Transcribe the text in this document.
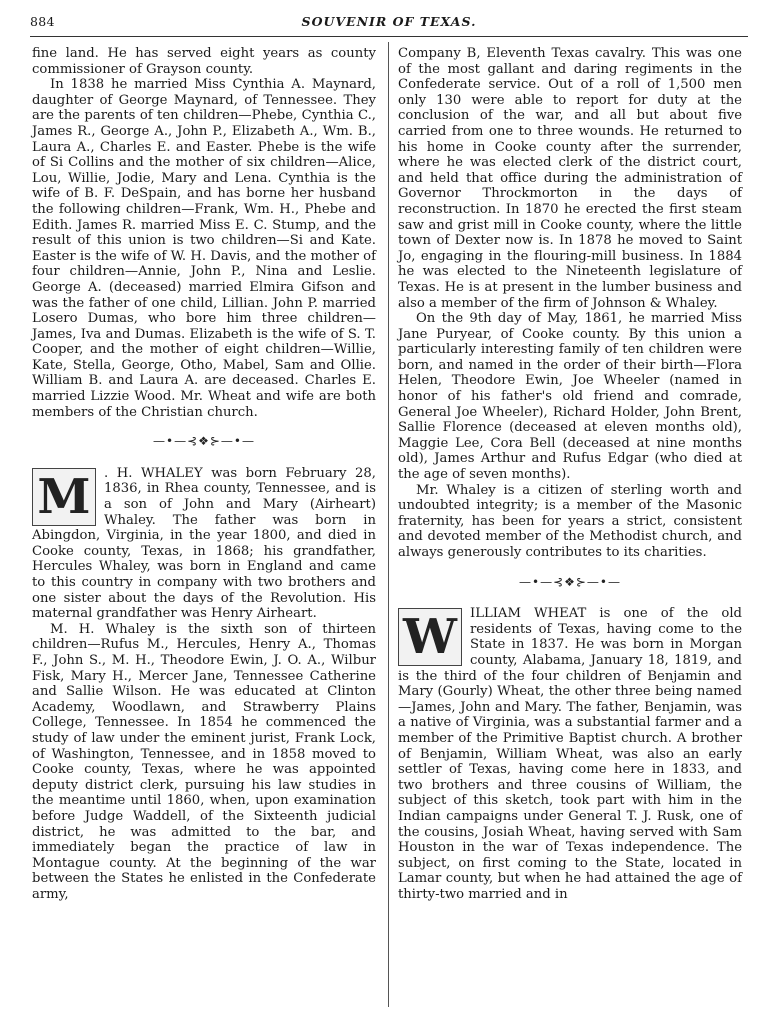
884	SOUVENIR OF TEXAS.

fine land. He has served eight years as county commissioner of Grayson county.

In 1838 he married Miss Cynthia A. Maynard, daughter of George Maynard, of Tennessee. They are the parents of ten children—Phebe, Cynthia C., James R., George A., John P., Elizabeth A., Wm. B., Laura A., Charles E. and Easter. Phebe is the wife of Si Collins and the mother of six children—Alice, Lou, Willie, Jodie, Mary and Lena. Cynthia is the wife of B. F. DeSpain, and has borne her husband the following children—Frank, Wm. H., Phebe and Edith. James R. married Miss E. C. Stump, and the result of this union is two children—Si and Kate. Easter is the wife of W. H. Davis, and the mother of four children—Annie, John P., Nina and Leslie. George A. (deceased) married Elmira Gifson and was the father of one child, Lillian. John P. married Losero Dumas, who bore him three children—James, Iva and Dumas. Elizabeth is the wife of S. T. Cooper, and the mother of eight children—Willie, Kate, Stella, George, Otho, Mabel, Sam and Ollie. William B. and Laura A. are deceased. Charles E. married Lizzie Wood. Mr. Wheat and wife are both members of the Christian church.

—•—⊰❖⊱—•—

M	. H. WHALEY was born February 28, 1836, in Rhea county, Tennessee, and is a son of John and Mary (Airheart) Whaley. The father was born in Abingdon, Virginia, in the year 1800, and died in Cooke county, Texas, in 1868; his grandfather, Hercules Whaley, was born in England and came to this country in company with two brothers and one sister about the days of the Revolution. His maternal grandfather was Henry Airheart.

M. H. Whaley is the sixth son of thirteen children—Rufus M., Hercules, Henry A., Thomas F., John S., M. H., Theodore Ewin, J. O. A., Wilbur Fisk, Mary H., Mercer Jane, Tennessee Catherine and Sallie Wilson. He was educated at Clinton Academy, Woodlawn, and Strawberry Plains College, Tennessee. In 1854 he commenced the study of law under the eminent jurist, Frank Lock, of Washington, Tennessee, and in 1858 moved to Cooke county, Texas, where he was appointed deputy district clerk, pursuing his law studies in the meantime until 1860, when, upon examination before Judge Waddell, of the Sixteenth judicial district, he was admitted to the bar, and immediately began the practice of law in Montague county. At the beginning of the war between the States he enlisted in the Confederate army,

Company B, Eleventh Texas cavalry. This was one of the most gallant and daring regiments in the Confederate service. Out of a roll of 1,500 men only 130 were able to report for duty at the conclusion of the war, and all but about five carried from one to three wounds. He returned to his home in Cooke county after the surrender, where he was elected clerk of the district court, and held that office during the administration of Governor Throckmorton in the days of reconstruction. In 1870 he erected the first steam saw and grist mill in Cooke county, where the little town of Dexter now is. In 1878 he moved to Saint Jo, engaging in the flouring-mill business. In 1884 he was elected to the Nineteenth legislature of Texas. He is at present in the lumber business and also a member of the firm of Johnson & Whaley.

On the 9th day of May, 1861, he married Miss Jane Puryear, of Cooke county. By this union a particularly interesting family of ten children were born, and named in the order of their birth—Flora Helen, Theodore Ewin, Joe Wheeler (named in honor of his father's old friend and comrade, General Joe Wheeler), Richard Holder, John Brent, Sallie Florence (deceased at eleven months old), Maggie Lee, Cora Bell (deceased at nine months old), James Arthur and Rufus Edgar (who died at the age of seven months).

Mr. Whaley is a citizen of sterling worth and undoubted integrity; is a member of the Masonic fraternity, has been for years a strict, consistent and devoted member of the Methodist church, and always generously contributes to its charities.

—•—⊰❖⊱—•—

W ILLIAM WHEAT is one of the old residents of Texas, having come to the State in 1837. He was born in Morgan county, Alabama, January 18, 1819, and is the third of the four children of Benjamin and Mary (Gourly) Wheat, the other three being named—James, John and Mary. The father, Benjamin, was a native of Virginia, was a substantial farmer and a member of the Primitive Baptist church. A brother of Benjamin, William Wheat, was also an early settler of Texas, having come here in 1833, and two brothers and three cousins of William, the subject of this sketch, took part with him in the Indian campaigns under General T. J. Rusk, one of the cousins, Josiah Wheat, having served with Sam Houston in the war of Texas independence. The subject, on first coming to the State, located in Lamar county, but when he had attained the age of thirty-two married and in
